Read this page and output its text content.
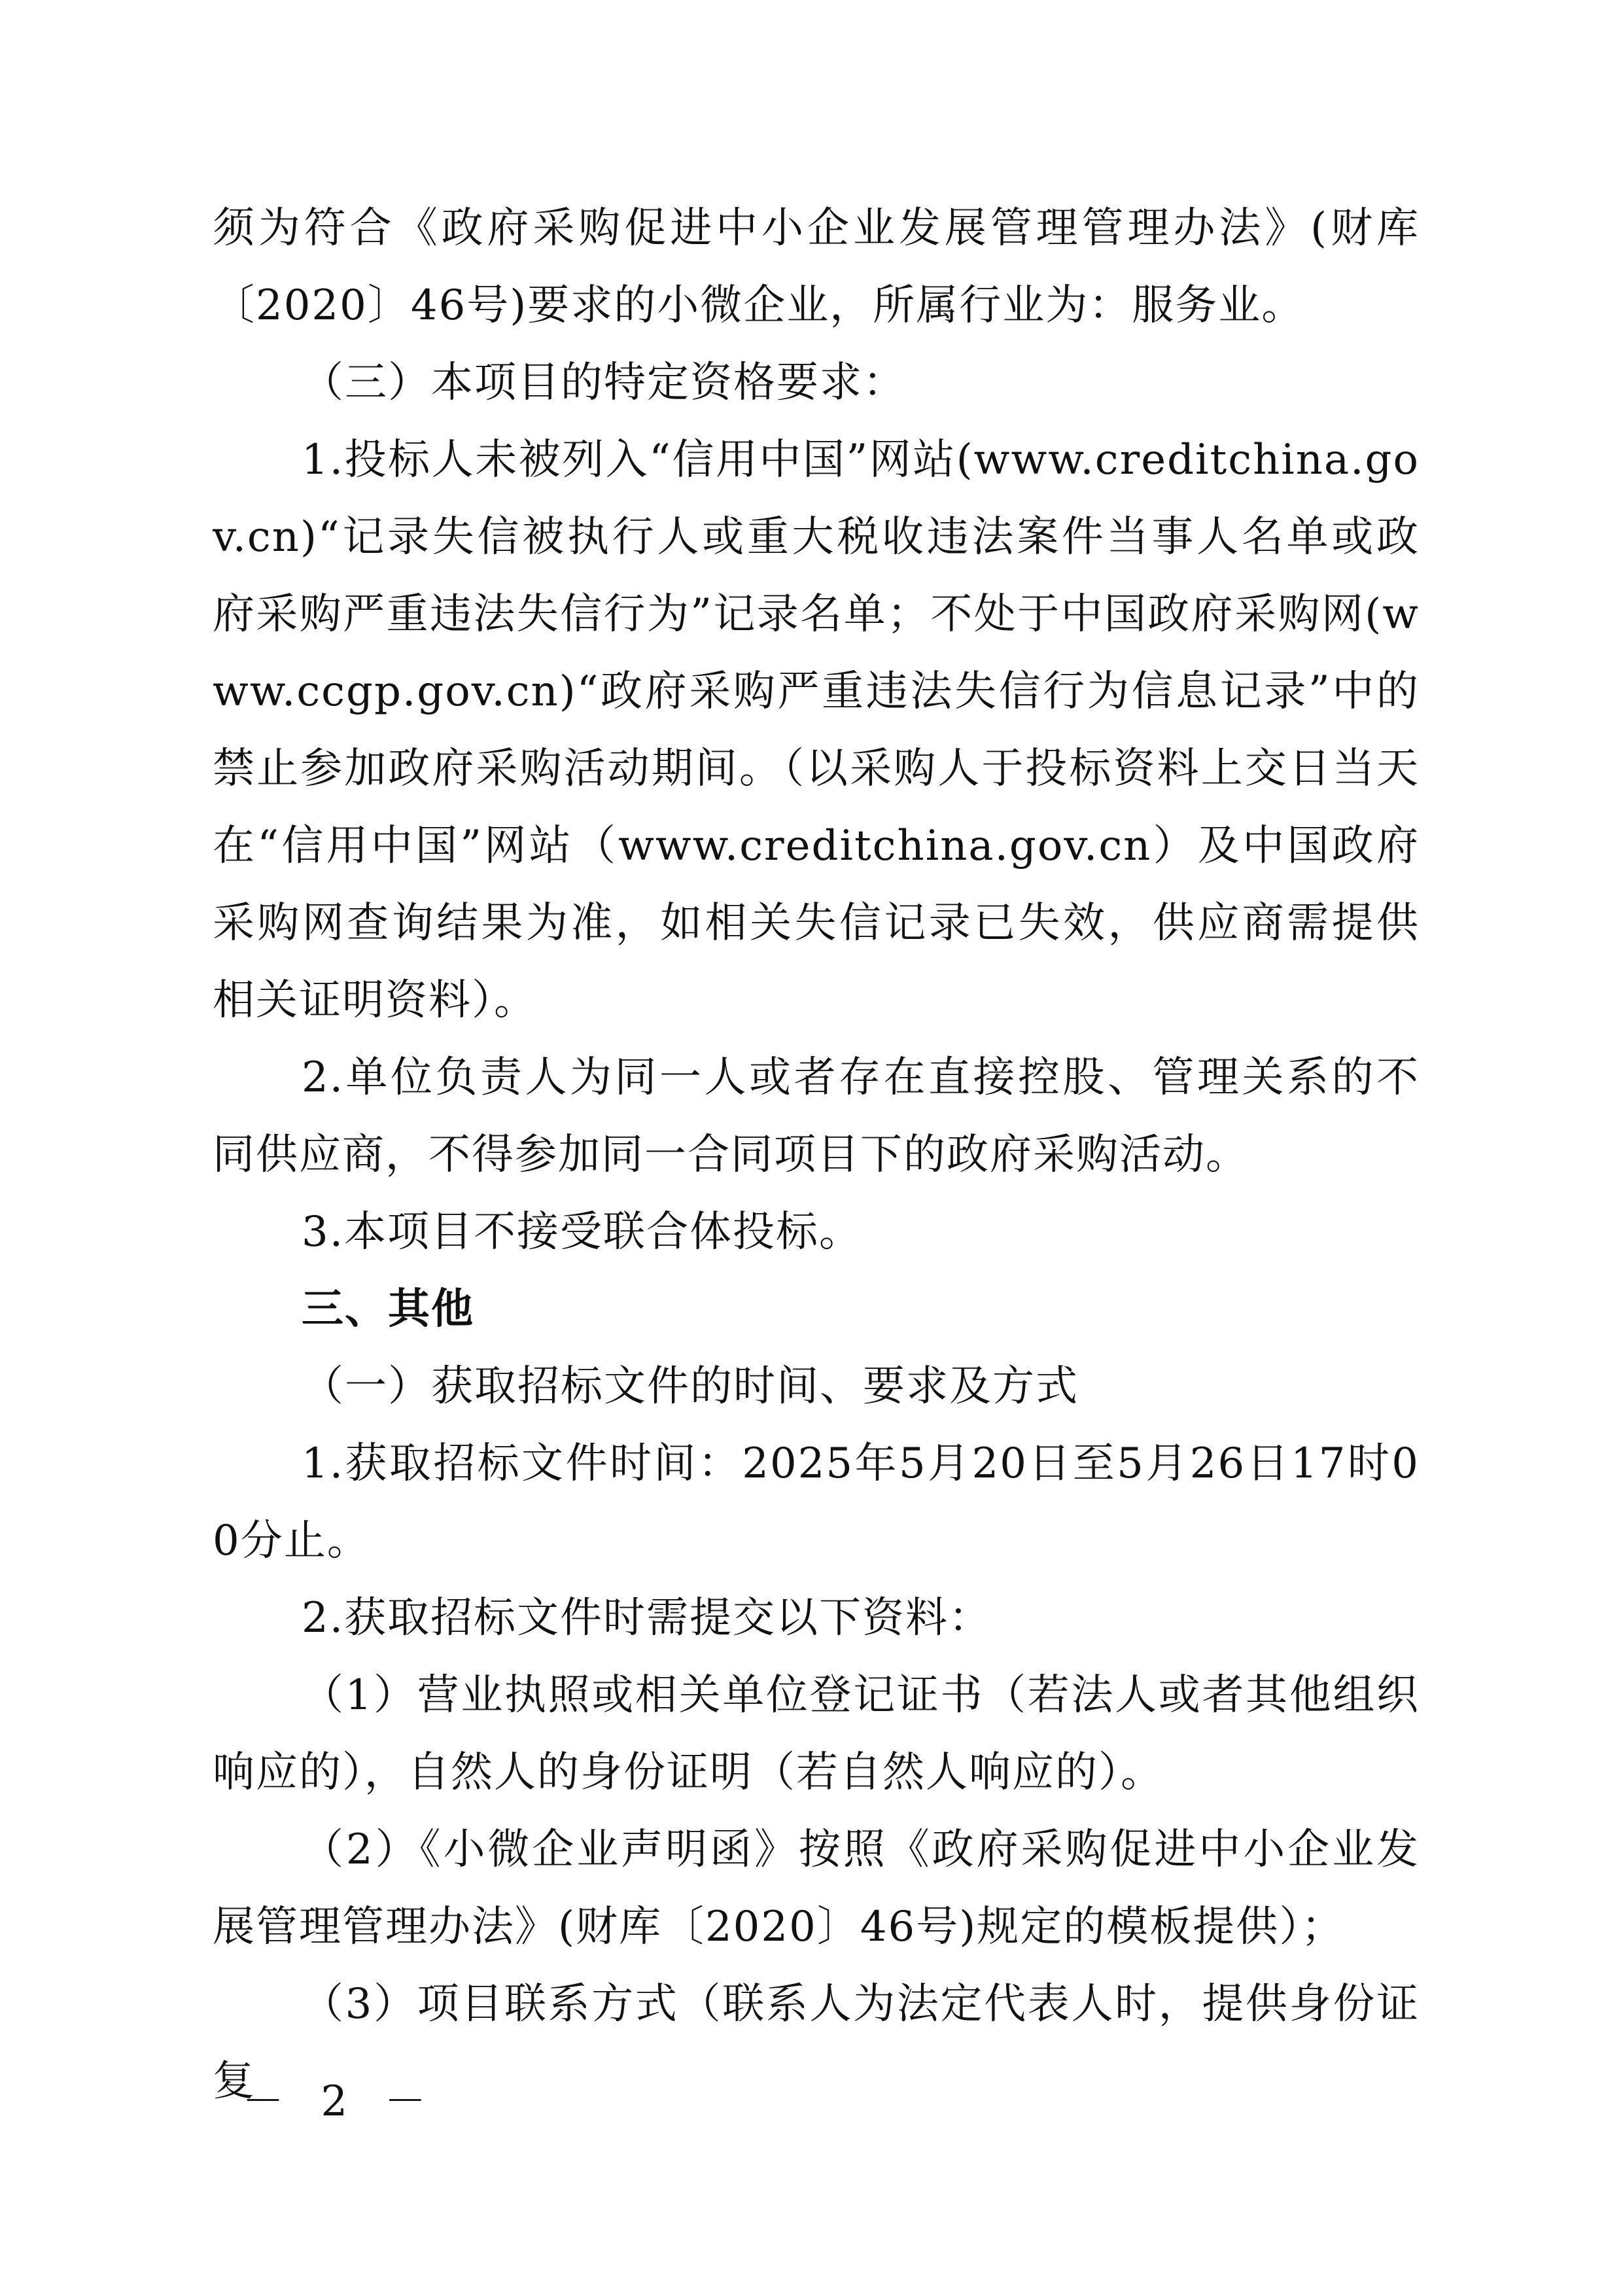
须为符合《政府采购促进中小企业发展管理管理办法》(财库〔2020〕46号)要求的小微企业，所属行业为：服务业。

（三）本项目的特定资格要求：

1.投标人未被列入“信用中国”网站(www.creditchina.gov.cn)“记录失信被执行人或重大税收违法案件当事人名单或政府采购严重违法失信行为”记录名单；不处于中国政府采购网(www.ccgp.gov.cn)“政府采购严重违法失信行为信息记录”中的禁止参加政府采购活动期间。（以采购人于投标资料上交日当天在“信用中国”网站（www.creditchina.gov.cn）及中国政府采购网查询结果为准，如相关失信记录已失效，供应商需提供相关证明资料）。

2.单位负责人为同一人或者存在直接控股、管理关系的不同供应商，不得参加同一合同项目下的政府采购活动。

3.本项目不接受联合体投标。

三、其他

（一）获取招标文件的时间、要求及方式

1.获取招标文件时间：2025年5月20日至5月26日17时00分止。

2.获取招标文件时需提交以下资料：

（1）营业执照或相关单位登记证书（若法人或者其他组织响应的），自然人的身份证明（若自然人响应的）。

（2）《小微企业声明函》按照《政府采购促进中小企业发展管理管理办法》(财库〔2020〕46号)规定的模板提供）；

（3）项目联系方式（联系人为法定代表人时，提供身份证复

－ 2 －
